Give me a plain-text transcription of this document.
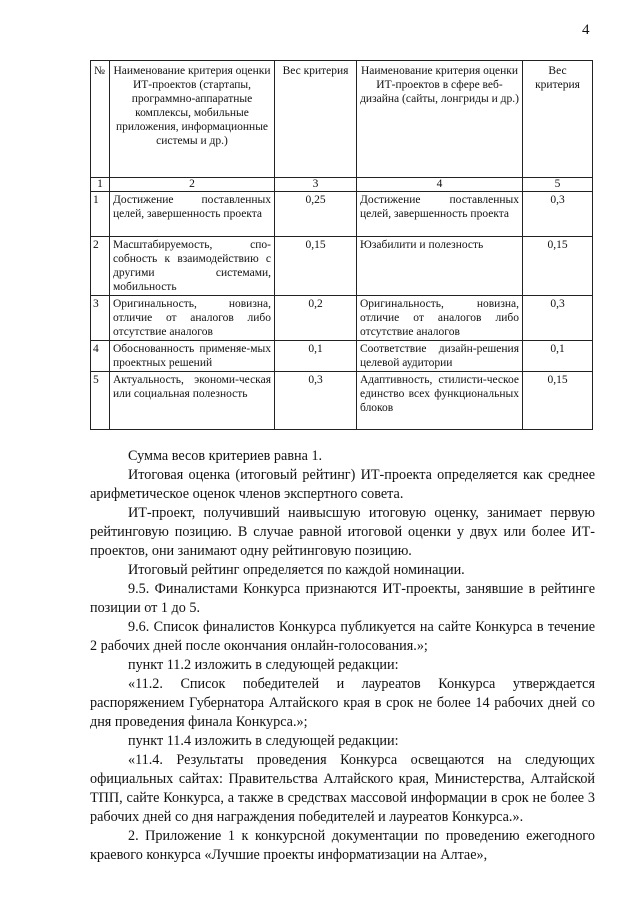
4
№	Наименование критерия оценки ИТ-проектов (стартапы, программно-аппаратные комплексы, мобильные приложения, информационные системы и др.)	Вес критерия	Наименование критерия оценки ИТ-проектов в сфере веб-дизайна (сайты, лонгриды и др.)	Вес критерия
1	2	3	4	5
1	Достижение поставленных целей, завершенность проекта	0,25	Достижение поставленных целей, завершенность проекта	0,3
2	Масштабируемость, спо-собность к взаимодействию с другими системами, мобильность	0,15	Юзабилити и полезность	0,15
3	Оригинальность, новизна, отличие от аналогов либо отсутствие аналогов	0,2	Оригинальность, новизна, отличие от аналогов либо отсутствие аналогов	0,3
4	Обоснованность применяе-мых проектных решений	0,1	Соответствие дизайн-решения целевой аудитории	0,1
5	Актуальность, экономи-ческая или социальная полезность	0,3	Адаптивность, стилисти-ческое единство всех функциональных блоков	0,15

Сумма весов критериев равна 1.

Итоговая оценка (итоговый рейтинг) ИТ-проекта определяется как среднее арифметическое оценок членов экспертного совета.

ИТ-проект, получивший наивысшую итоговую оценку, занимает первую рейтинговую позицию. В случае равной итоговой оценки у двух или более ИТ-проектов, они занимают одну рейтинговую позицию.

Итоговый рейтинг определяется по каждой номинации.

9.5. Финалистами Конкурса признаются ИТ-проекты, занявшие в рейтинге позиции от 1 до 5.

9.6. Список финалистов Конкурса публикуется на сайте Конкурса в течение 2 рабочих дней после окончания онлайн-голосования.»;

пункт 11.2 изложить в следующей редакции:

«11.2. Список победителей и лауреатов Конкурса утверждается распоряжением Губернатора Алтайского края в срок не более 14 рабочих дней со дня проведения финала Конкурса.»;

пункт 11.4 изложить в следующей редакции:

«11.4. Результаты проведения Конкурса освещаются на следующих официальных сайтах: Правительства Алтайского края, Министерства, Алтайской ТПП, сайте Конкурса, а также в средствах массовой информации в срок не более 3 рабочих дней со дня награждения победителей и лауреатов Конкурса.».

2. Приложение 1 к конкурсной документации по проведению ежегодного краевого конкурса «Лучшие проекты информатизации на Алтае»,
